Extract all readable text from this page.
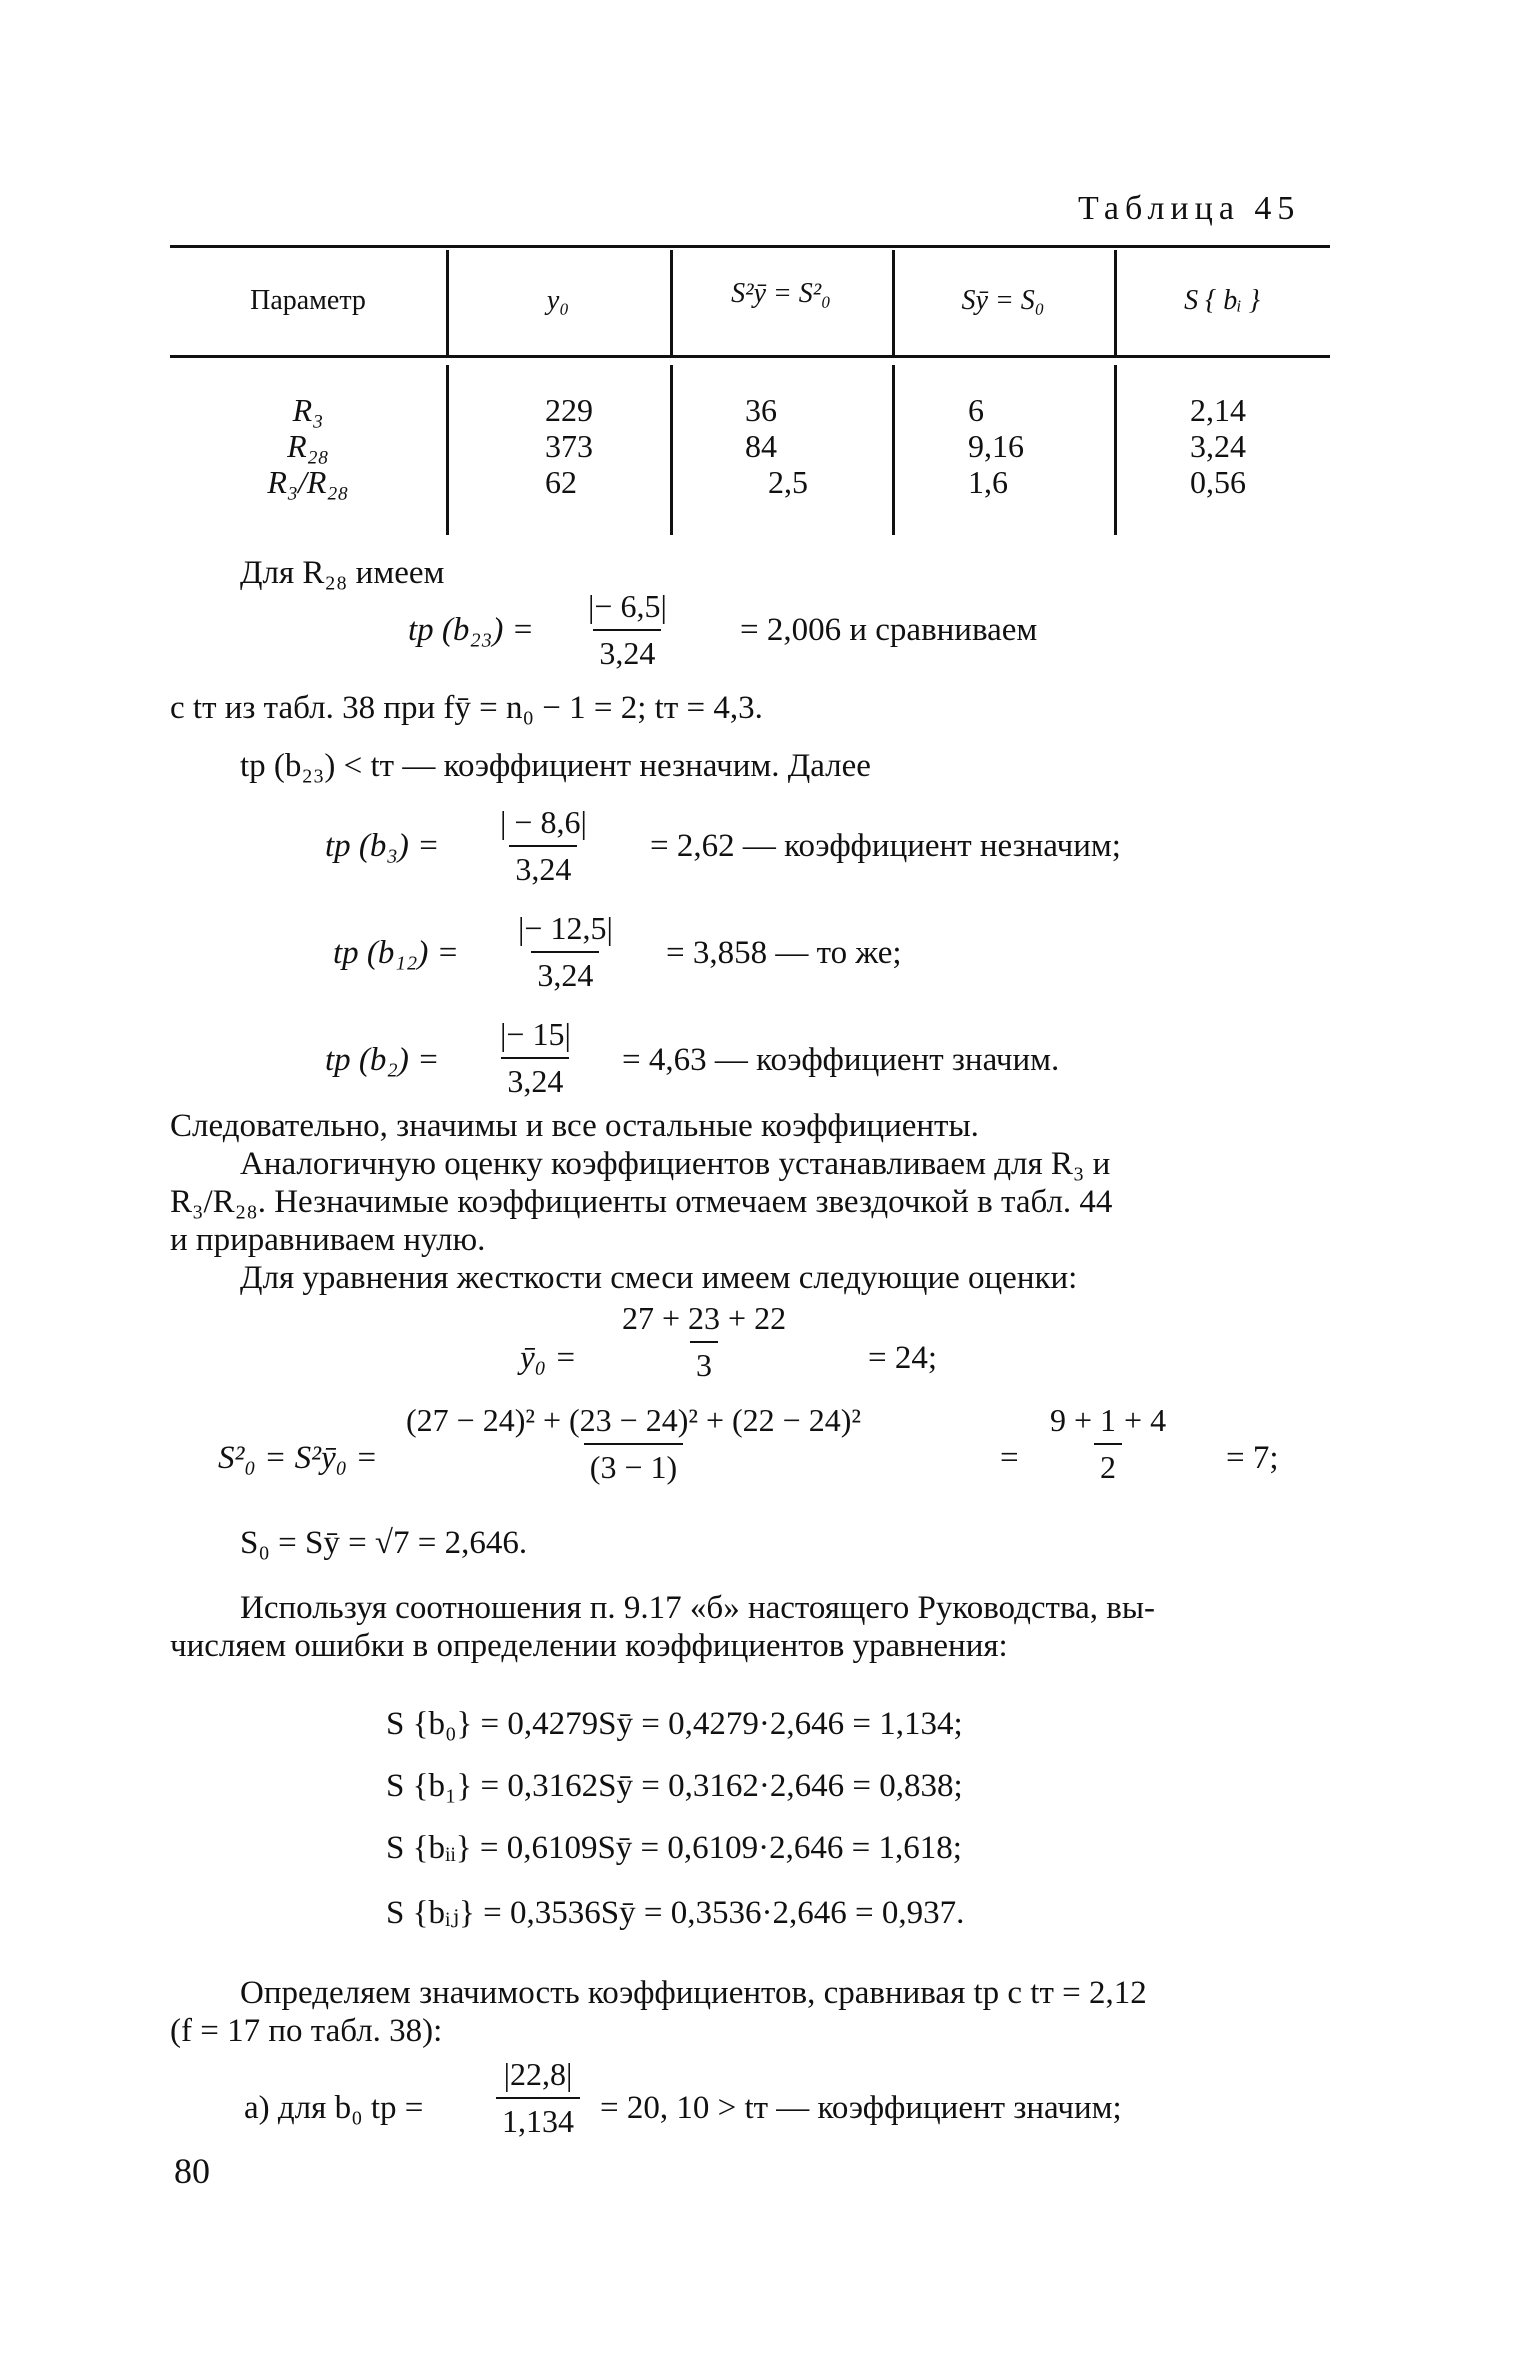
Таблица 45
Параметр	y₀	S²ȳ = S²₀	Sȳ = S₀	S { bᵢ }
R₃	229	36	6	2,14
R₂₈	373	84	9,16	3,24
R₃/R₂₈	62	2,5	1,6	0,56
Для R₂₈ имеем
tр $(b_{23}) = \frac{|- 6,5|}{3,24} = 2,006$ и сравниваем
с tт из табл. 38 при fȳ = n₀ − 1 = 2; tт = 4,3.
tр (b₂₃) < tт — коэффициент незначим. Далее
tр $(b_3) = \frac{| - 8,6|}{3,24} = 2,62$ — коэффициент незначим;
tр $(b_{12}) = \frac{|- 12,5|}{3,24} = 3,858$ — то же;
tр $(b_2) = \frac{|- 15|}{3,24} = 4,63$ — коэффициент значим.
Следовательно, значимы и все остальные коэффициенты.
Аналогичную оценку коэффициентов устанавливаем для R₃ и
R₃/R₂₈. Незначимые коэффициенты отмечаем звездочкой в табл. 44
и приравниваем нулю.
Для уравнения жесткости смеси имеем следующие оценки:
ȳ₀ = $\frac{27 + 23 + 22}{3} = 24$;
S²₀ = S²ȳ₀ = $\frac{\text{(27 − 24)² + (23 − 24)² + (22 − 24)²}}{(3 - 1)}$	= $\frac{9 + 1 + 4}{2} = 7$;
S₀ = Sȳ = √7 = 2,646.
Используя соотношения п. 9.17 «б» настоящего Руководства, вы-
числяем ошибки в определении коэффициентов уравнения:
S {b₀} = 0,4279Sȳ = 0,4279·2,646 = 1,134;
S {b₁} = 0,3162Sȳ = 0,3162·2,646 = 0,838;
S {bᵢᵢ} = 0,6109Sȳ = 0,6109·2,646 = 1,618;
S {bᵢⱼ} = 0,3536Sȳ = 0,3536·2,646 = 0,937.
Определяем значимость коэффициентов, сравнивая tр с tт = 2,12
(f = 17 по табл. 38):
а) для b₀ tр = $\frac{|22,8|}{1,134} = 20$, 10 > tт — коэффициент значим;
80
